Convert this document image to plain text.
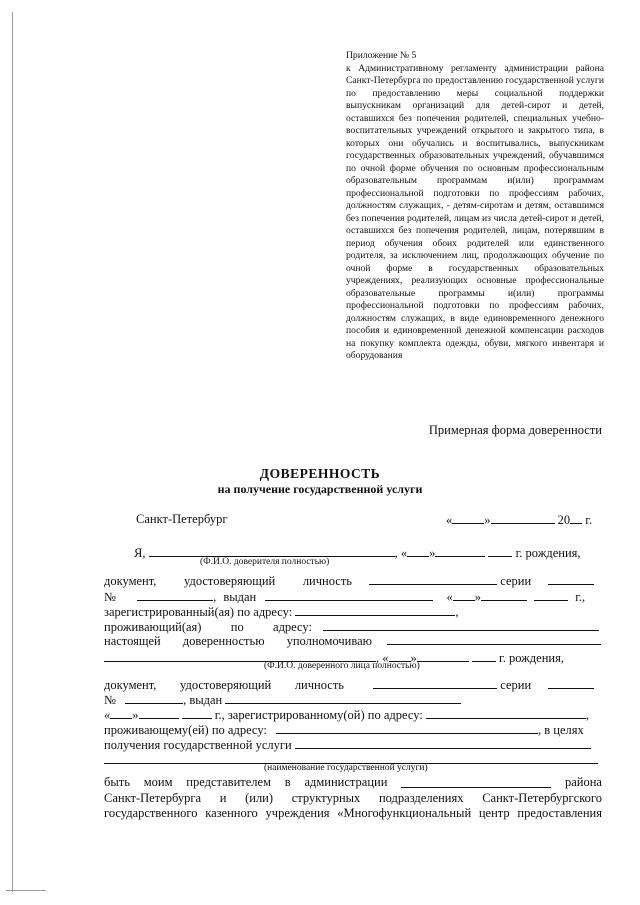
Приложение № 5

к Административному регламенту администрации района Санкт-Петербурга по предоставлению государственной услуги по предоставлению меры социальной поддержки выпускникам организаций для детей-сирот и детей, оставшихся без попечения родителей, специальных учебно-воспитательных учреждений открытого и закрытого типа, в которых они обучались и воспитывались, выпускникам государственных образовательных учреждений, обучавшимся по очной форме обучения по основным профессиональным образовательным программам и(или) программам профессиональной подготовки по профессиям рабочих, должностям служащих, - детям-сиротам и детям, оставшимся без попечения родителей, лицам из числа детей-сирот и детей, оставшихся без попечения родителей, лицам, потерявшим в период обучения обоих родителей или единственного родителя, за исключением лиц, продолжающих обучение по очной форме в государственных образовательных учреждениях, реализующих основные профессиональные образовательные программы и(или) программы профессиональной подготовки по профессиям рабочих, должностям служащих, в виде единовременного денежного пособия и единовременной денежной компенсации расходов на покупку комплекта одежды, обуви, мягкого инвентаря и оборудования

Примерная форма доверенности
ДОВЕРЕННОСТЬ
на получение государственной услуги
Санкт-Петербург	«	»	20 г.
Я,	, « »	г. рождения,
(Ф.И.О. доверителя полностью)
документ, удостоверяющий личность	серии
№	, выдан	« »	г.,
зарегистрированный(ая) по адресу:	,
проживающий(ая) по адресу:

настоящей доверенностью уполномочиваю

, « »	г. рождения,
(Ф.И.О. доверенного лица полностью)
документ, удостоверяющий личность	серии
№	, выдан
« »	г., зарегистрированному(ой) по адресу:	,
проживающему(ей) по адресу:	, в целях
получения государственной услуги
(наименование государственной услуги)
быть моим представителем в администрации	района
Санкт-Петербурга и (или) структурных подразделениях Санкт-Петербургского
государственного казенного учреждения «Многофункциональный центр предоставления
